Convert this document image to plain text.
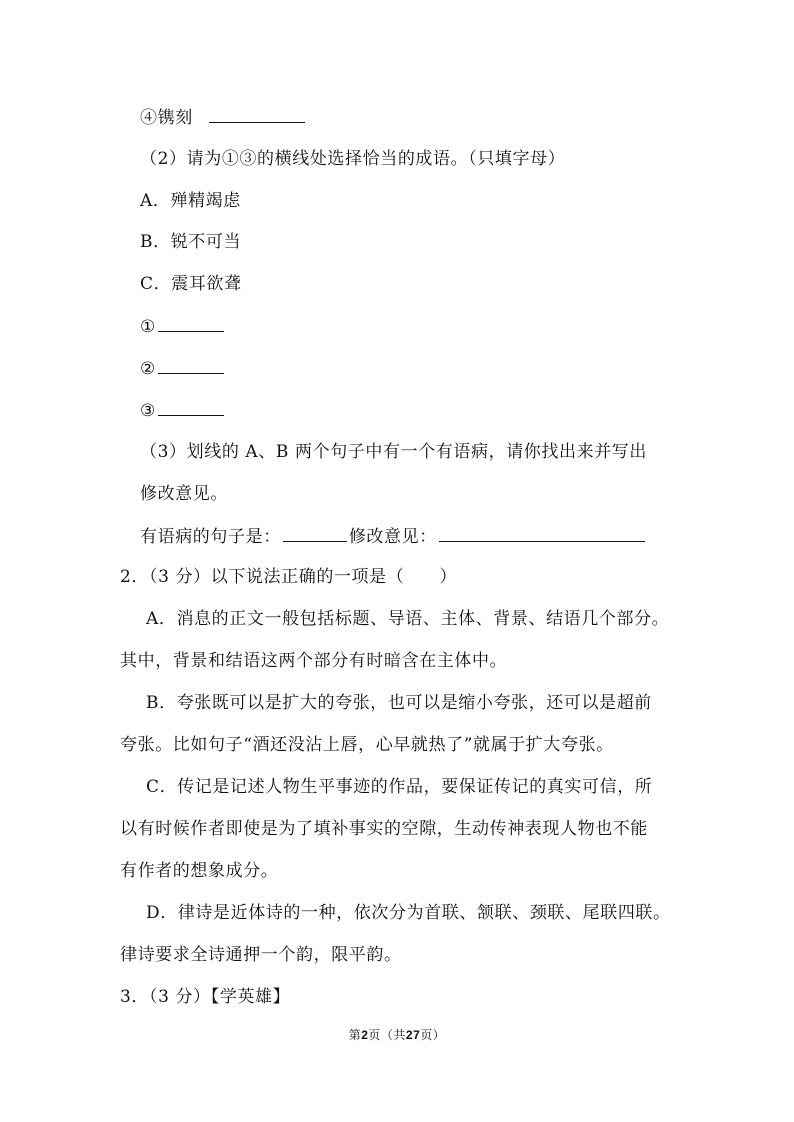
④镌刻
（2）请为①③的横线处选择恰当的成语。（只填字母）
A．殚精竭虑
B．锐不可当
C．震耳欲聋
①
②
③
（3）划线的 A、B 两个句子中有一个有语病，请你找出来并写出
修改意见。
有语病的句子是：	修改意见：
2．（3 分）以下说法正确的一项是（　　）
A．消息的正文一般包括标题、导语、主体、背景、结语几个部分。
其中，背景和结语这两个部分有时暗含在主体中。
B．夸张既可以是扩大的夸张，也可以是缩小夸张，还可以是超前
夸张。比如句子“酒还没沾上唇，心早就热了”就属于扩大夸张。
C．传记是记述人物生平事迹的作品，要保证传记的真实可信，所
以有时候作者即使是为了填补事实的空隙，生动传神表现人物也不能
有作者的想象成分。
D．律诗是近体诗的一种，依次分为首联、颔联、颈联、尾联四联。
律诗要求全诗通押一个韵，限平韵。
3．（3 分）【学英雄】
第2页（共27页）
